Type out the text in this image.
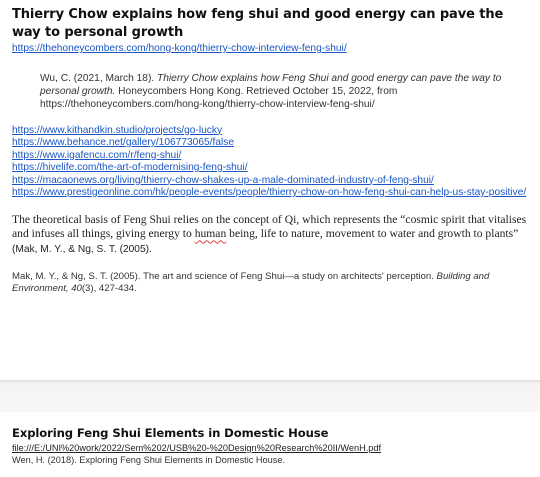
Thierry Chow explains how feng shui and good energy can pave the way to personal growth
https://thehoneycombers.com/hong-kong/thierry-chow-interview-feng-shui/
Wu, C. (2021, March 18). Thierry Chow explains how Feng Shui and good energy can pave the way to personal growth. Honeycombers Hong Kong. Retrieved October 15, 2022, from https://thehoneycombers.com/hong-kong/thierry-chow-interview-feng-shui/
https://www.kithandkin.studio/projects/go-lucky
https://www.behance.net/gallery/106773065/false
https://www.igafencu.com/r/feng-shui/
https://hivelife.com/the-art-of-modernising-feng-shui/
https://macaonews.org/living/thierry-chow-shakes-up-a-male-dominated-industry-of-feng-shui/
https://www.prestigeonline.com/hk/people-events/people/thierry-chow-on-how-feng-shui-can-help-us-stay-positive/

The theoretical basis of Feng Shui relies on the concept of Qi, which represents the “cosmic spirit that vitalises and infuses all things, giving energy to human being, life to nature, movement to water and growth to plants” (Mak, M. Y., & Ng, S. T. (2005).

Mak, M. Y., & Ng, S. T. (2005). The art and science of Feng Shui—a study on architects' perception. Building and Environment, 40(3), 427-434.

Exploring Feng Shui Elements in Domestic House
file:///E:/UNI%20work/2022/Sem%202/USB%20-%20Design%20Research%20II/WenH.pdf

Wen, H. (2018). Exploring Feng Shui Elements in Domestic House.
